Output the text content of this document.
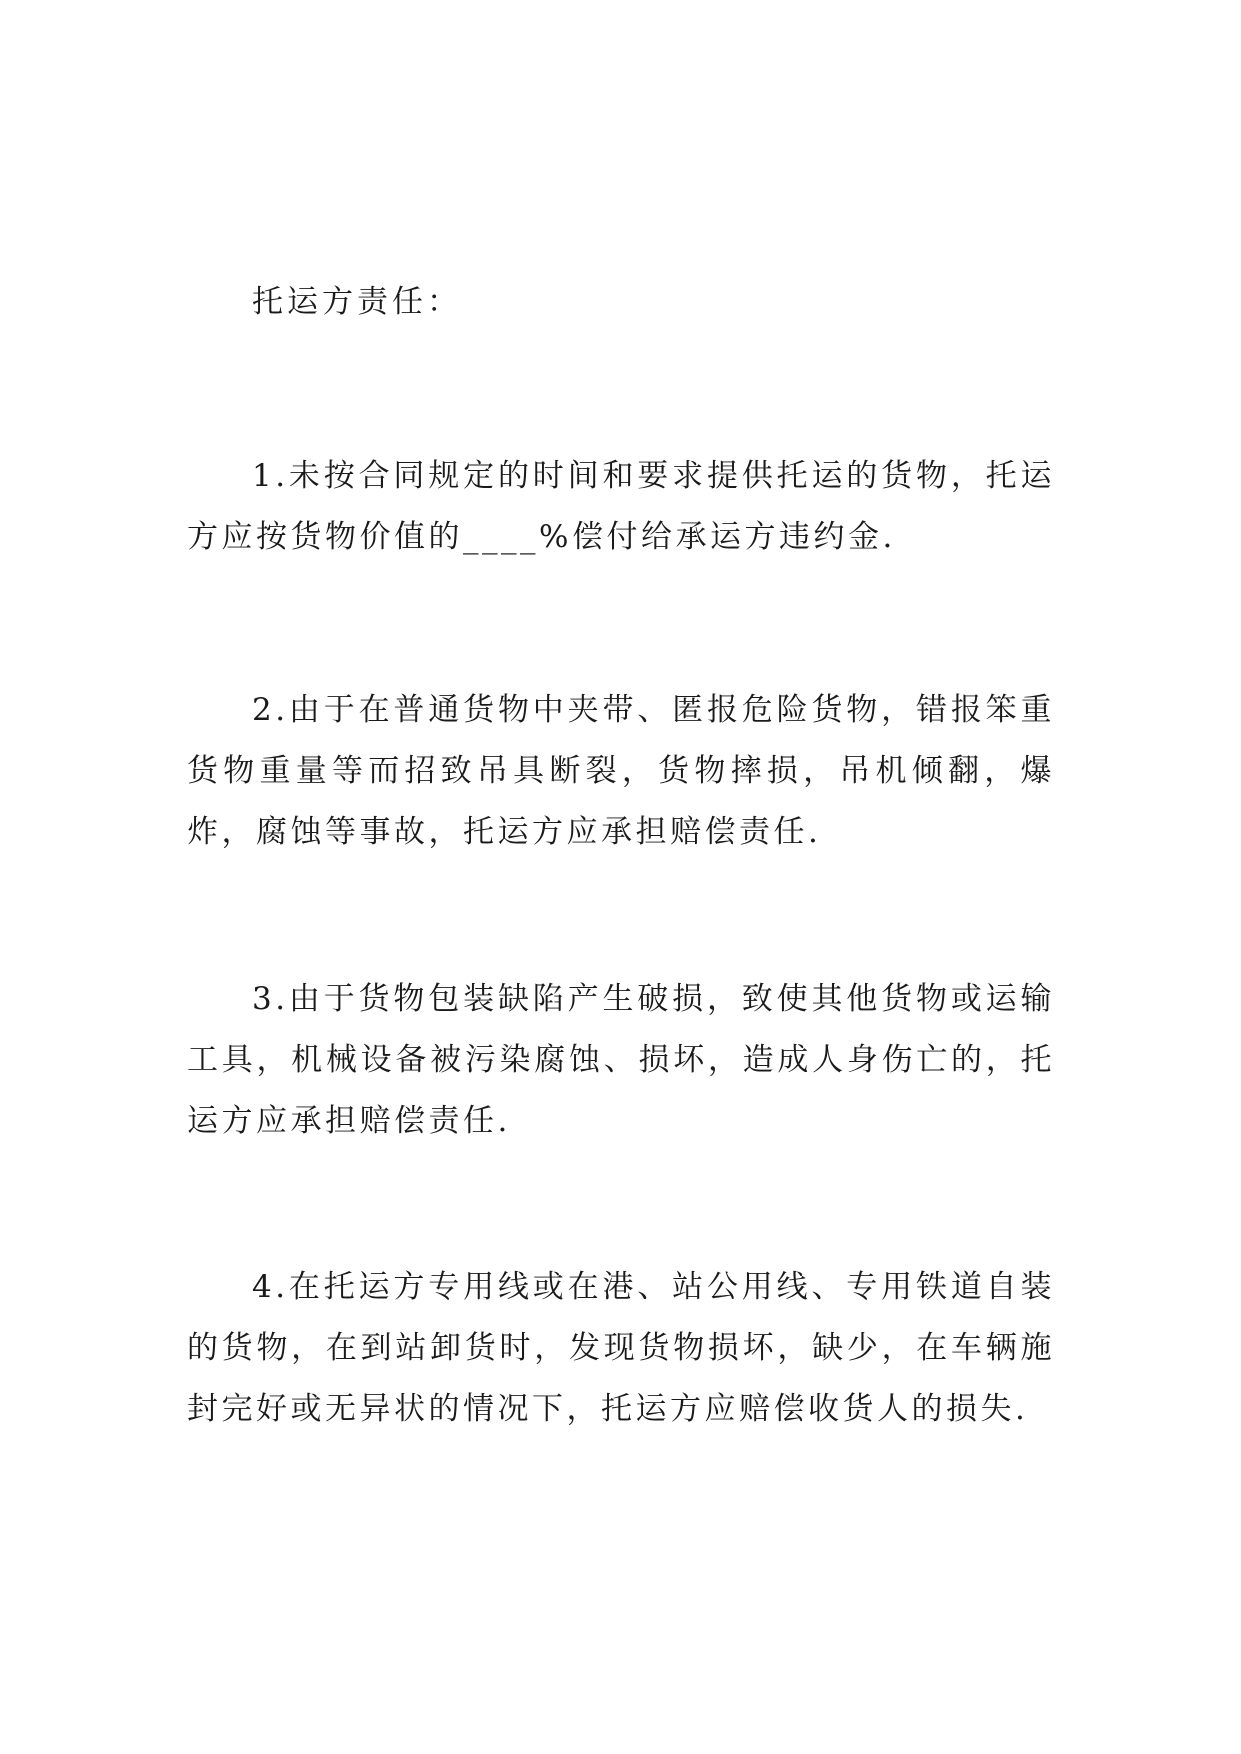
托运方责任：

1.未按合同规定的时间和要求提供托运的货物，托运方应按货物价值的____%偿付给承运方违约金.

2.由于在普通货物中夹带、匿报危险货物，错报笨重货物重量等而招致吊具断裂，货物摔损，吊机倾翻，爆炸，腐蚀等事故，托运方应承担赔偿责任.

3.由于货物包装缺陷产生破损，致使其他货物或运输工具，机械设备被污染腐蚀、损坏，造成人身伤亡的，托运方应承担赔偿责任.

4.在托运方专用线或在港、站公用线、专用铁道自装的货物，在到站卸货时，发现货物损坏，缺少，在车辆施封完好或无异状的情况下，托运方应赔偿收货人的损失.
